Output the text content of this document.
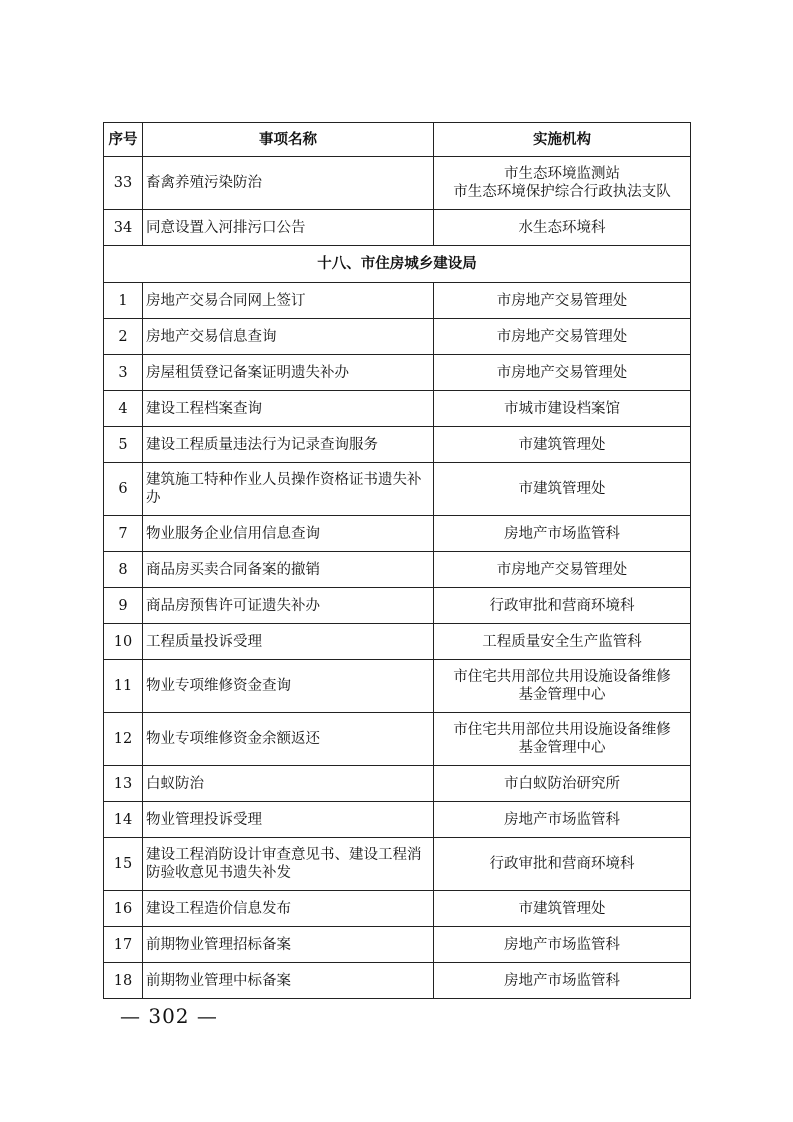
序号	事项名称	实施机构
33	畜禽养殖污染防治	市生态环境监测站
市生态环境保护综合行政执法支队

34	同意设置入河排污口公告	水生态环境科

十八、市住房城乡建设局		
1	房地产交易合同网上签订	市房地产交易管理处

2	房地产交易信息查询	市房地产交易管理处

3	房屋租赁登记备案证明遗失补办	市房地产交易管理处

4	建设工程档案查询	市城市建设档案馆

5	建设工程质量违法行为记录查询服务	市建筑管理处

6	建筑施工特种作业人员操作资格证书遗失补办	市建筑管理处

7	物业服务企业信用信息查询	房地产市场监管科

8	商品房买卖合同备案的撤销	市房地产交易管理处

9	商品房预售许可证遗失补办	行政审批和营商环境科

10	工程质量投诉受理	工程质量安全生产监管科

11	物业专项维修资金查询	市住宅共用部位共用设施设备维修
基金管理中心

12	物业专项维修资金余额返还	市住宅共用部位共用设施设备维修
基金管理中心

13	白蚁防治	市白蚁防治研究所

14	物业管理投诉受理	房地产市场监管科

15	建设工程消防设计审查意见书、建设工程消防验收意见书遗失补发	行政审批和营商环境科

16	建设工程造价信息发布	市建筑管理处

17	前期物业管理招标备案	房地产市场监管科

18	前期物业管理中标备案	房地产市场监管科
— 302 —
